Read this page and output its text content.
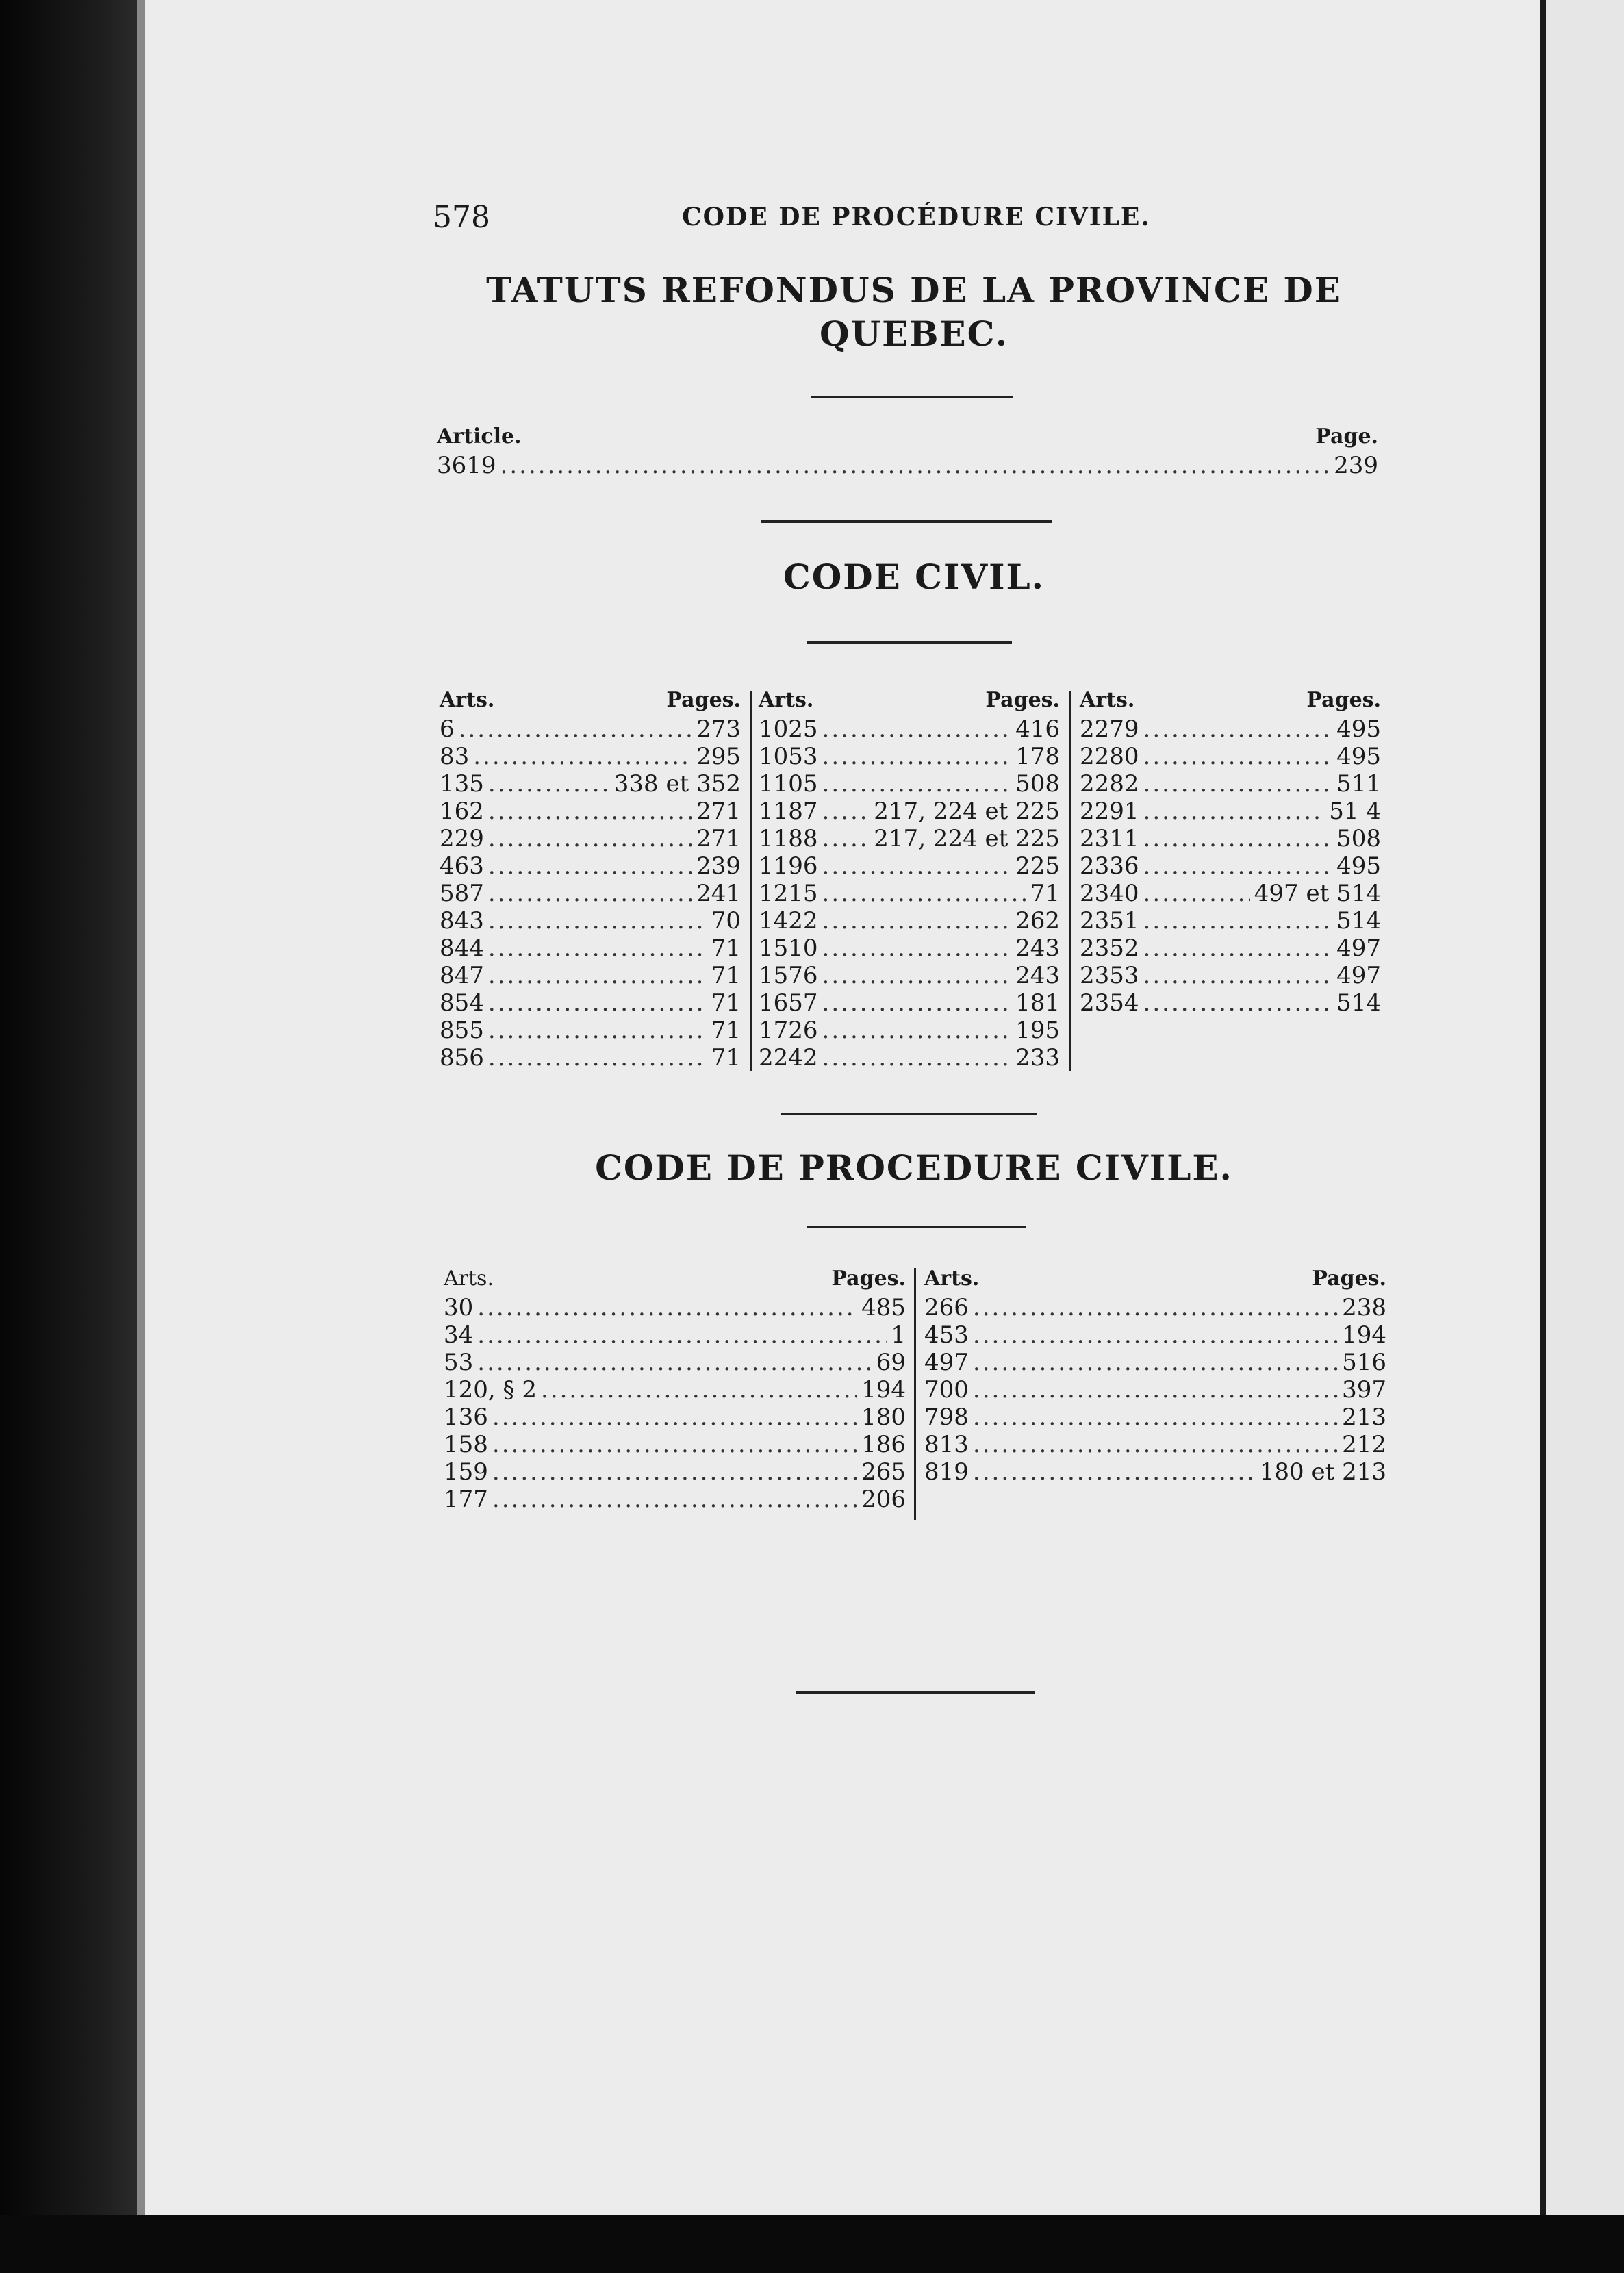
578	CODE DE PROCÉDURE CIVILE.
TATUTS REFONDUS DE LA PROVINCE DE
QUEBEC.
Article.	Page.
3619 .....	239
CODE CIVIL.
Arts.	Pages.
6 .....	273
83 .....	295
135 .....	338 et 352
162 .....	271
229 .....	271
463 .....	239
587 .....	241
843 .....	70
844 .....	71
847 .....	71
854 .....	71
855 .....	71
856 .....	71
Arts.	Pages.
1025 .....	416
1053 .....	178
1105 .....	508
1187 ..... 217, 224 et 225
1188 ..... 217, 224 et 225
1196 .....	225
1215 .....	71
1422 .....	262
1510 .....	243
1576 .....	243
1657 .....	181
1726 .....	195
2242 .....	233
Arts.	Pages.
2279 .....	495
2280 .....	495
2282 .....	511
2291 .....	51 4
2311 .....	508
2336 .....	495
2340 .....	497 et 514
2351 .....	514
2352 .....	497
2353 .....	497
2354 .....	514
CODE DE PROCEDURE CIVILE.
Arts.	Pages.
30 .....	485
34 .....	1
53 .....	69
120, § 2 .....	194
136 .....	180
158 .....	186
159 .....	265
177 .....	206
Arts.	Pages.
266 .....	238
453 .....	194
497 .....	516
700 .....	397
798 .....	213
813 .....	212
819 .....	180 et 213
